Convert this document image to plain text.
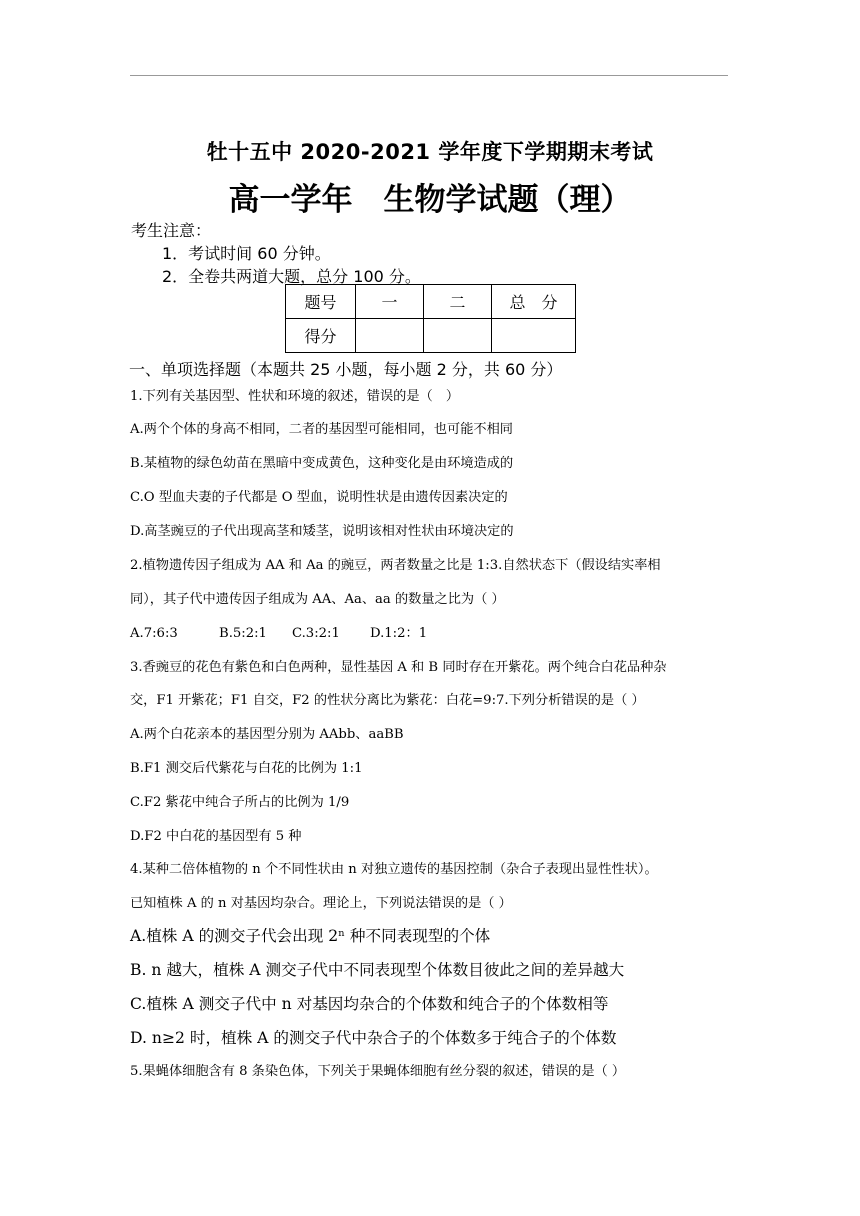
牡十五中 2020-2021 学年度下学期期末考试
高一学年　生物学试题（理）
考生注意：
1．考试时间 60 分钟。
2．全卷共两道大题，总分 100 分。
题号	一	二	总　分
得分			
一、单项选择题（本题共 25 小题，每小题 2 分，共 60 分）
1.下列有关基因型、性状和环境的叙述，错误的是（　）
A.两个个体的身高不相同，二者的基因型可能相同，也可能不相同
B.某植物的绿色幼苗在黑暗中变成黄色，这种变化是由环境造成的
C.O 型血夫妻的子代都是 O 型血，说明性状是由遗传因素决定的
D.高茎豌豆的子代出现高茎和矮茎，说明该相对性状由环境决定的
2.植物遗传因子组成为 AA 和 Aa 的豌豆，两者数量之比是 1:3.自然状态下（假设结实率相
同），其子代中遗传因子组成为 AA、Aa、aa 的数量之比为（ ）
A.7:6:3	B.5:2:1 C.3:2:1 D.1:2：1
3.香豌豆的花色有紫色和白色两种，显性基因 A 和 B 同时存在开紫花。两个纯合白花品种杂
交，F1 开紫花；F1 自交，F2 的性状分离比为紫花：白花=9:7.下列分析错误的是（ ）
A.两个白花亲本的基因型分别为 AAbb、aaBB
B.F1 测交后代紫花与白花的比例为 1:1
C.F2 紫花中纯合子所占的比例为 1/9
D.F2 中白花的基因型有 5 种
4.某种二倍体植物的 n 个不同性状由 n 对独立遗传的基因控制（杂合子表现出显性性状）。
已知植株 A 的 n 对基因均杂合。理论上，下列说法错误的是（ ）
A.植株 A 的测交子代会出现 2ⁿ 种不同表现型的个体
B. n 越大，植株 A 测交子代中不同表现型个体数目彼此之间的差异越大
C.植株 A 测交子代中 n 对基因均杂合的个体数和纯合子的个体数相等
D. n≥2 时，植株 A 的测交子代中杂合子的个体数多于纯合子的个体数
5.果蝇体细胞含有 8 条染色体，下列关于果蝇体细胞有丝分裂的叙述，错误的是（ ）
